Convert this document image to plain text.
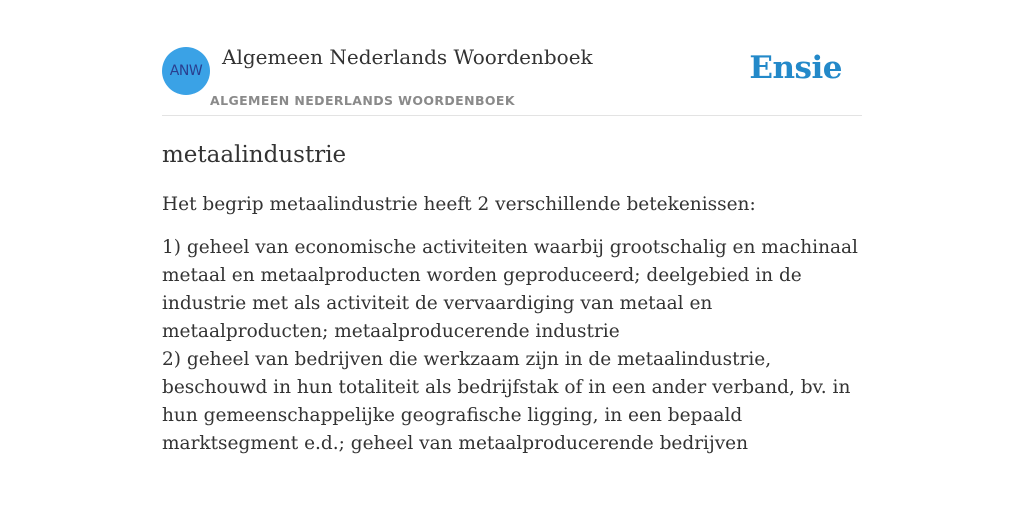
ANW
Algemeen Nederlands Woordenboek
ALGEMEEN NEDERLANDS WOORDENBOEK
Ensie
metaalindustrie

Het begrip metaalindustrie heeft 2 verschillende betekenissen:

1) geheel van economische activiteiten waarbij grootschalig en machinaal metaal en metaalproducten worden geproduceerd; deelgebied in de industrie met als activiteit de vervaardiging van metaal en metaalproducten; metaalproducerende industrie

2) geheel van bedrijven die werkzaam zijn in de metaalindustrie, beschouwd in hun totaliteit als bedrijfstak of in een ander verband, bv. in hun gemeenschappelijke geografische ligging, in een bepaald marktsegment e.d.; geheel van metaalproducerende bedrijven
